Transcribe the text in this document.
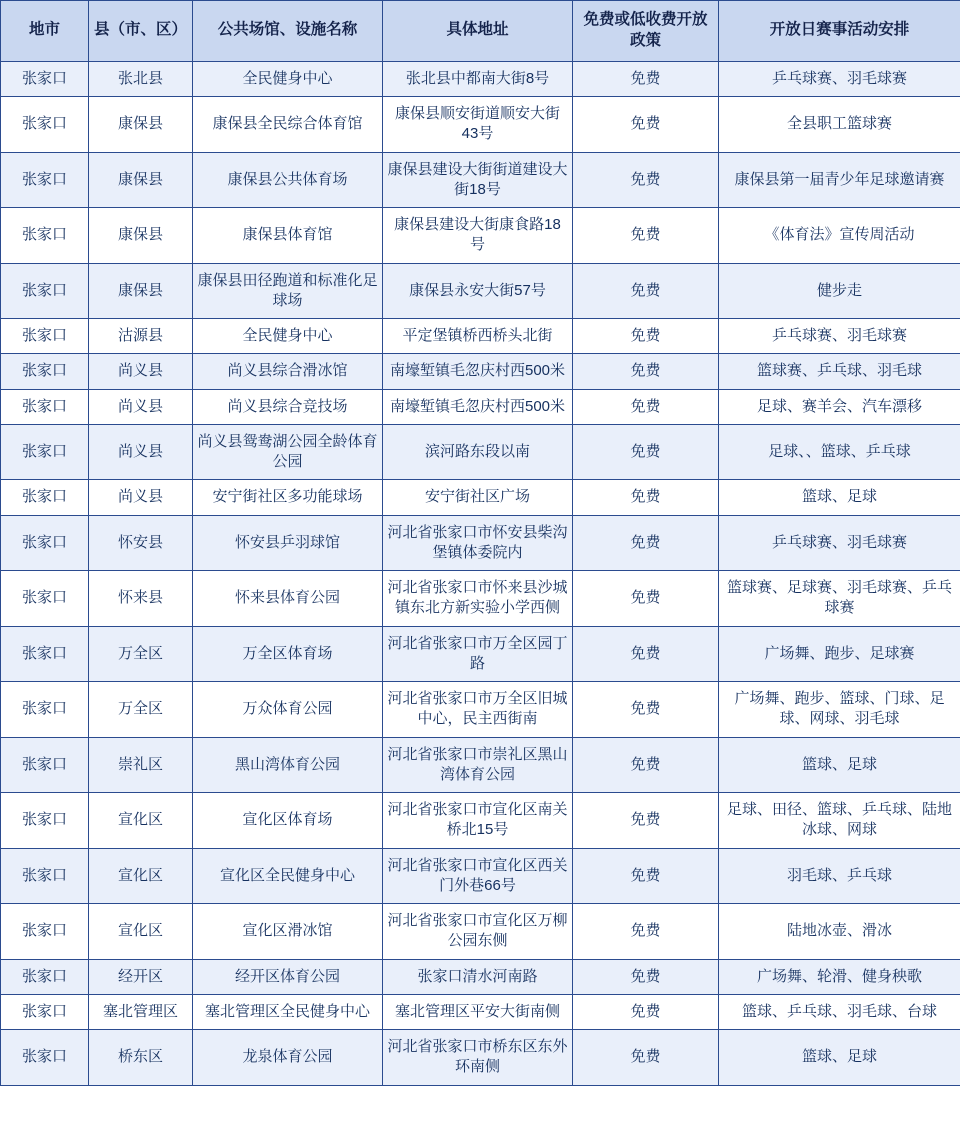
地市	县（市、区）	公共场馆、设施名称	具体地址	免费或低收费开放政策	开放日赛事活动安排
张家口	张北县	全民健身中心	张北县中都南大街8号	免费	乒乓球赛、羽毛球赛
张家口	康保县	康保县全民综合体育馆	康保县顺安街道顺安大街43号	免费	全县职工篮球赛
张家口	康保县	康保县公共体育场	康保县建设大街街道建设大街18号	免费	康保县第一届青少年足球邀请赛
张家口	康保县	康保县体育馆	康保县建设大街康食路18号	免费	《体育法》宣传周活动
张家口	康保县	康保县田径跑道和标准化足球场	康保县永安大街57号	免费	健步走
张家口	沽源县	全民健身中心	平定堡镇桥西桥头北街	免费	乒乓球赛、羽毛球赛
张家口	尚义县	尚义县综合滑冰馆	南壕堑镇毛忽庆村西500米	免费	篮球赛、乒乓球、羽毛球
张家口	尚义县	尚义县综合竞技场	南壕堑镇毛忽庆村西500米	免费	足球、赛羊会、汽车漂移
张家口	尚义县	尚义县鸳鸯湖公园全龄体育公园	滨河路东段以南	免费	足球、、篮球、乒乓球
张家口	尚义县	安宁街社区多功能球场	安宁街社区广场	免费	篮球、足球
张家口	怀安县	怀安县乒羽球馆	河北省张家口市怀安县柴沟堡镇体委院内	免费	乒乓球赛、羽毛球赛
张家口	怀来县	怀来县体育公园	河北省张家口市怀来县沙城镇东北方新实验小学西侧	免费	篮球赛、足球赛、羽毛球赛、乒乓球赛
张家口	万全区	万全区体育场	河北省张家口市万全区园丁路	免费	广场舞、跑步、足球赛
张家口	万全区	万众体育公园	河北省张家口市万全区旧城中心，民主西街南	免费	广场舞、跑步、篮球、门球、足球、网球、羽毛球
张家口	崇礼区	黑山湾体育公园	河北省张家口市崇礼区黑山湾体育公园	免费	篮球、足球
张家口	宣化区	宣化区体育场	河北省张家口市宣化区南关桥北15号	免费	足球、田径、篮球、乒乓球、陆地冰球、网球
张家口	宣化区	宣化区全民健身中心	河北省张家口市宣化区西关门外巷66号	免费	羽毛球、乒乓球
张家口	宣化区	宣化区滑冰馆	河北省张家口市宣化区万柳公园东侧	免费	陆地冰壶、滑冰
张家口	经开区	经开区体育公园	张家口清水河南路	免费	广场舞、轮滑、健身秧歌
张家口	塞北管理区	塞北管理区全民健身中心	塞北管理区平安大街南侧	免费	篮球、乒乓球、羽毛球、台球
张家口	桥东区	龙泉体育公园	河北省张家口市桥东区东外环南侧	免费	篮球、足球
